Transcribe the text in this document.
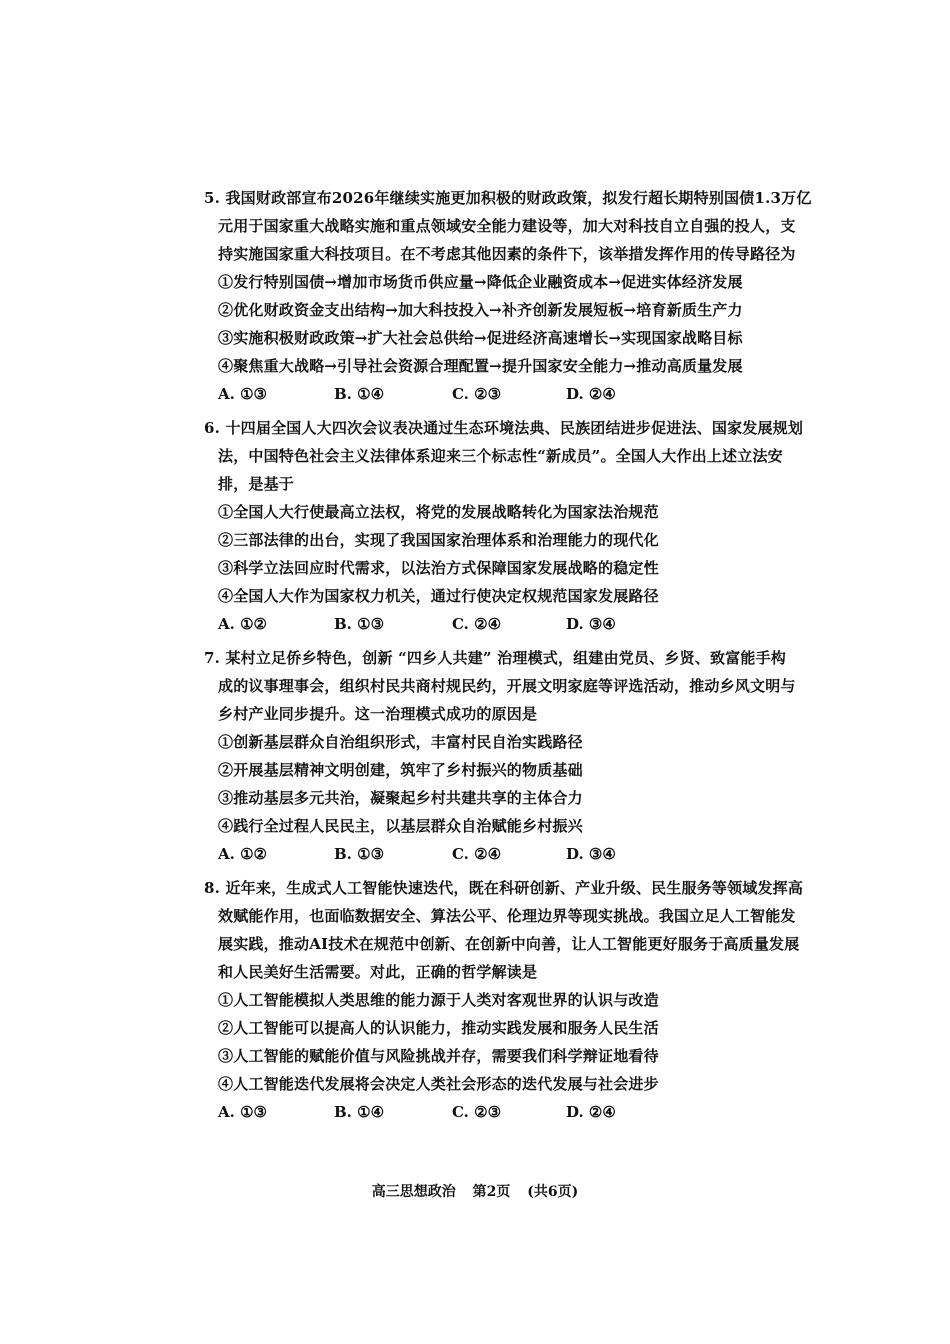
5. 我国财政部宣布2026年继续实施更加积极的财政政策，拟发行超长期特别国债1.3万亿
元用于国家重大战略实施和重点领域安全能力建设等，加大对科技自立自强的投人，支
持实施国家重大科技项目。在不考虑其他因素的条件下，该举措发挥作用的传导路径为
①发行特别国债→增加市场货币供应量→降低企业融资成本→促进实体经济发展
②优化财政资金支出结构→加大科技投入→补齐创新发展短板→培育新质生产力
③实施积极财政政策→扩大社会总供给→促进经济高速增长→实现国家战略目标
④聚焦重大战略→引导社会资源合理配置→提升国家安全能力→推动高质量发展
A. ①③	B. ①④	C. ②③	D. ②④
6. 十四届全国人大四次会议表决通过生态环境法典、民族团结进步促进法、国家发展规划
法，中国特色社会主义法律体系迎来三个标志性“新成员”。全国人大作出上述立法安
排，是基于
①全国人大行使最高立法权，将党的发展战略转化为国家法治规范
②三部法律的出台，实现了我国国家治理体系和治理能力的现代化
③科学立法回应时代需求，以法治方式保障国家发展战略的稳定性
④全国人大作为国家权力机关，通过行使决定权规范国家发展路径
A. ①②	B. ①③	C. ②④	D. ③④
7. 某村立足侨乡特色，创新 “四乡人共建” 治理模式，组建由党员、乡贤、致富能手构
成的议事理事会，组织村民共商村规民约，开展文明家庭等评选活动，推动乡风文明与
乡村产业同步提升。这一治理模式成功的原因是
①创新基层群众自治组织形式，丰富村民自治实践路径
②开展基层精神文明创建，筑牢了乡村振兴的物质基础
③推动基层多元共治，凝聚起乡村共建共享的主体合力
④践行全过程人民民主，以基层群众自治赋能乡村振兴
A. ①②	B. ①③	C. ②④	D. ③④
8. 近年来，生成式人工智能快速迭代，既在科研创新、产业升级、民生服务等领域发挥高
效赋能作用，也面临数据安全、算法公平、伦理边界等现实挑战。我国立足人工智能发
展实践，推动AI技术在规范中创新、在创新中向善，让人工智能更好服务于高质量发展
和人民美好生活需要。对此，正确的哲学解读是
①人工智能模拟人类思维的能力源于人类对客观世界的认识与改造
②人工智能可以提高人的认识能力，推动实践发展和服务人民生活
③人工智能的赋能价值与风险挑战并存，需要我们科学辩证地看待
④人工智能迭代发展将会决定人类社会形态的迭代发展与社会进步
A. ①③	B. ①④	C. ②③	D. ②④
高三思想政治 第2页 (共6页)
